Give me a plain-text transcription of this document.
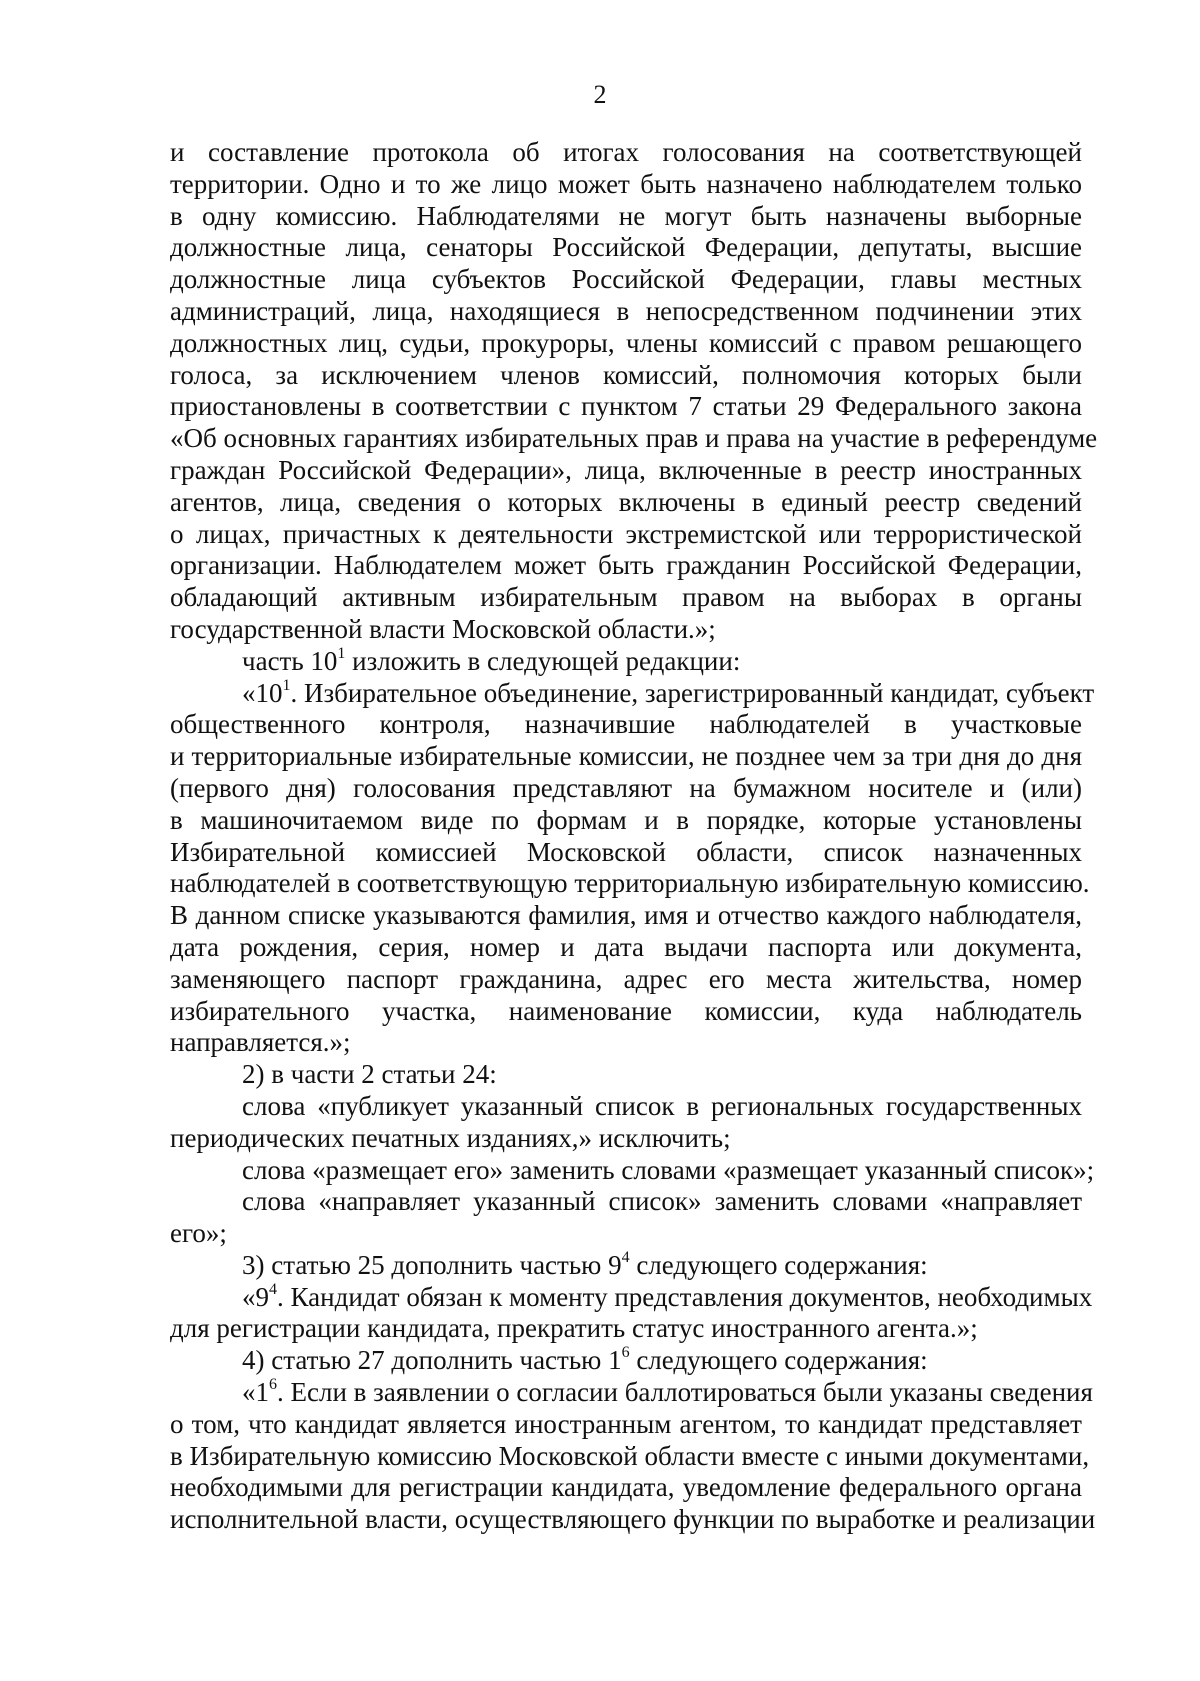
2
и составление протокола об итогах голосования на соответствующей
территории. Одно и то же лицо может быть назначено наблюдателем только
в одну комиссию. Наблюдателями не могут быть назначены выборные
должностные лица, сенаторы Российской Федерации, депутаты, высшие
должностные лица субъектов Российской Федерации, главы местных
администраций, лица, находящиеся в непосредственном подчинении этих
должностных лиц, судьи, прокуроры, члены комиссий с правом решающего
голоса, за исключением членов комиссий, полномочия которых были
приостановлены в соответствии с пунктом 7 статьи 29 Федерального закона
«Об основных гарантиях избирательных прав и права на участие в референдуме
граждан Российской Федерации», лица, включенные в реестр иностранных
агентов, лица, сведения о которых включены в единый реестр сведений
о лицах, причастных к деятельности экстремистской или террористической
организации. Наблюдателем может быть гражданин Российской Федерации,
обладающий активным избирательным правом на выборах в органы
государственной власти Московской области.»;
часть $10^1$ изложить в следующей редакции:
«$10^1$. Избирательное объединение, зарегистрированный кандидат, субъект
общественного контроля, назначившие наблюдателей в участковые
и территориальные избирательные комиссии, не позднее чем за три дня до дня
(первого дня) голосования представляют на бумажном носителе и (или)
в машиночитаемом виде по формам и в порядке, которые установлены
Избирательной комиссией Московской области, список назначенных
наблюдателей в соответствующую территориальную избирательную комиссию.
В данном списке указываются фамилия, имя и отчество каждого наблюдателя,
дата рождения, серия, номер и дата выдачи паспорта или документа,
заменяющего паспорт гражданина, адрес его места жительства, номер
избирательного участка, наименование комиссии, куда наблюдатель
направляется.»;
2) в части 2 статьи 24:
слова «публикует указанный список в региональных государственных
периодических печатных изданиях,» исключить;
слова «размещает его» заменить словами «размещает указанный список»;
слова «направляет указанный список» заменить словами «направляет
его»;
3) статью 25 дополнить частью $9^4$ следующего содержания:
«$9^4$. Кандидат обязан к моменту представления документов, необходимых
для регистрации кандидата, прекратить статус иностранного агента.»;
4) статью 27 дополнить частью $1^6$ следующего содержания:
«$1^6$. Если в заявлении о согласии баллотироваться были указаны сведения
о том, что кандидат является иностранным агентом, то кандидат представляет
в Избирательную комиссию Московской области вместе с иными документами,
необходимыми для регистрации кандидата, уведомление федерального органа
исполнительной власти, осуществляющего функции по выработке и реализации
